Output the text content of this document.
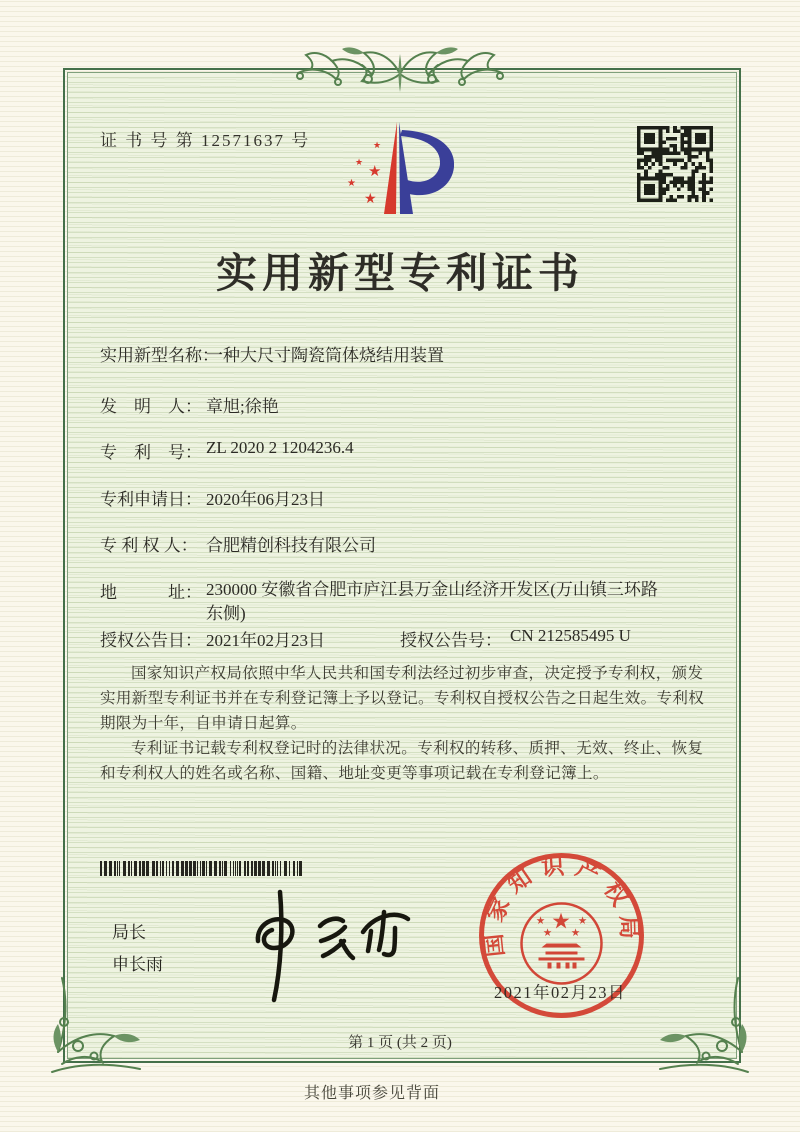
证 书 号 第 12571637 号	★
★
★
★
★
实用新型专利证书
实用新型名称：
一种大尺寸陶瓷筒体烧结用装置
发　明　人： 章旭;徐艳
专　利　号： ZL 2020 2 1204236.4
专利申请日： 2020年06月23日
专 利 权 人： 合肥精创科技有限公司
地　　　址： 230000 安徽省合肥市庐江县万金山经济开发区(万山镇三环路东侧)
授权公告日： 2021年02月23日	授权公告号： CN 212585495 U

国家知识产权局依照中华人民共和国专利法经过初步审查，决定授予专利权，颁发实用新型专利证书并在专利登记簿上予以登记。专利权自授权公告之日起生效。专利权期限为十年，自申请日起算。

专利证书记载专利权登记时的法律状况。专利权的转移、质押、无效、终止、恢复和专利权人的姓名或名称、国籍、地址变更等事项记载在专利登记簿上。

局长
申长雨
国家知识产权局
★
★	★
★ ★
2021年02月23日
第 1 页 (共 2 页)
其他事项参见背面
